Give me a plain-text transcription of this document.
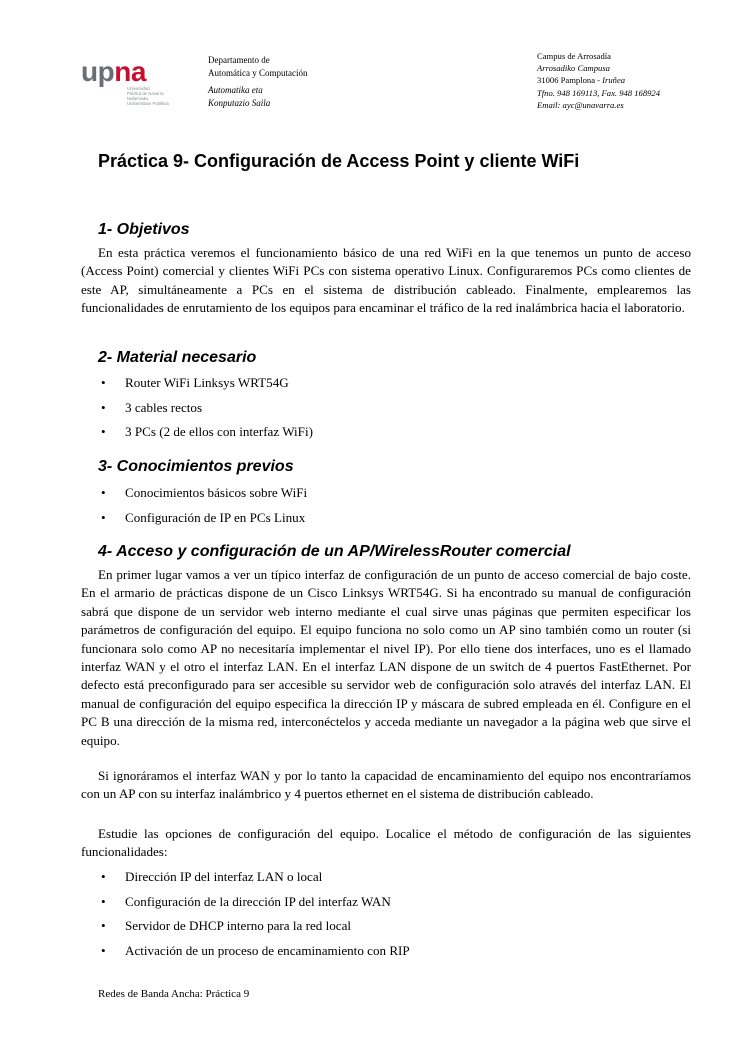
upna
Universidad
Pública de Navarra
Nafarroako
Unibertsitate Publikoa
Departamento de
Automática y Computación
Automatika eta
Konputazio Saila
Campus de Arrosadía
Arrosadiko Campusa
31006 Pamplona - Iruñea
Tfno. 948 169113, Fax. 948 168924
Email: ayc@unavarra.es
Práctica 9- Configuración de Access Point y cliente WiFi
1- Objetivos

En esta práctica veremos el funcionamiento básico de una red WiFi en la que tenemos un punto de acceso (Access Point) comercial y clientes WiFi PCs con sistema operativo Linux. Configuraremos PCs como clientes de este AP, simultáneamente a PCs en el sistema de distribución cableado. Finalmente, emplearemos las funcionalidades de enrutamiento de los equipos para encaminar el tráfico de la red inalámbrica hacia el laboratorio.

2- Material necesario
• Router WiFi Linksys WRT54G
• 3 cables rectos
• 3 PCs (2 de ellos con interfaz WiFi)
3- Conocimientos previos
• Conocimientos básicos sobre WiFi
• Configuración de IP en PCs Linux
4- Acceso y configuración de un AP/WirelessRouter comercial

En primer lugar vamos a ver un típico interfaz de configuración de un punto de acceso comercial de bajo coste. En el armario de prácticas dispone de un Cisco Linksys WRT54G. Si ha encontrado su manual de configuración sabrá que dispone de un servidor web interno mediante el cual sirve unas páginas que permiten especificar los parámetros de configuración del equipo. El equipo funciona no solo como un AP sino también como un router (si funcionara solo como AP no necesitaría implementar el nivel IP). Por ello tiene dos interfaces, uno es el llamado interfaz WAN y el otro el interfaz LAN. En el interfaz LAN dispone de un switch de 4 puertos FastEthernet. Por defecto está preconfigurado para ser accesible su servidor web de configuración solo através del interfaz LAN. El manual de configuración del equipo especifica la dirección IP y máscara de subred empleada en él. Configure en el PC B una dirección de la misma red, interconéctelos y acceda mediante un navegador a la página web que sirve el equipo.

Si ignoráramos el interfaz WAN y por lo tanto la capacidad de encaminamiento del equipo nos encontraríamos con un AP con su interfaz inalámbrico y 4 puertos ethernet en el sistema de distribución cableado.

Estudie las opciones de configuración del equipo. Localice el método de configuración de las siguientes funcionalidades:

• Dirección IP del interfaz LAN o local
• Configuración de la dirección IP del interfaz WAN
• Servidor de DHCP interno para la red local
• Activación de un proceso de encaminamiento con RIP
Redes de Banda Ancha: Práctica 9
